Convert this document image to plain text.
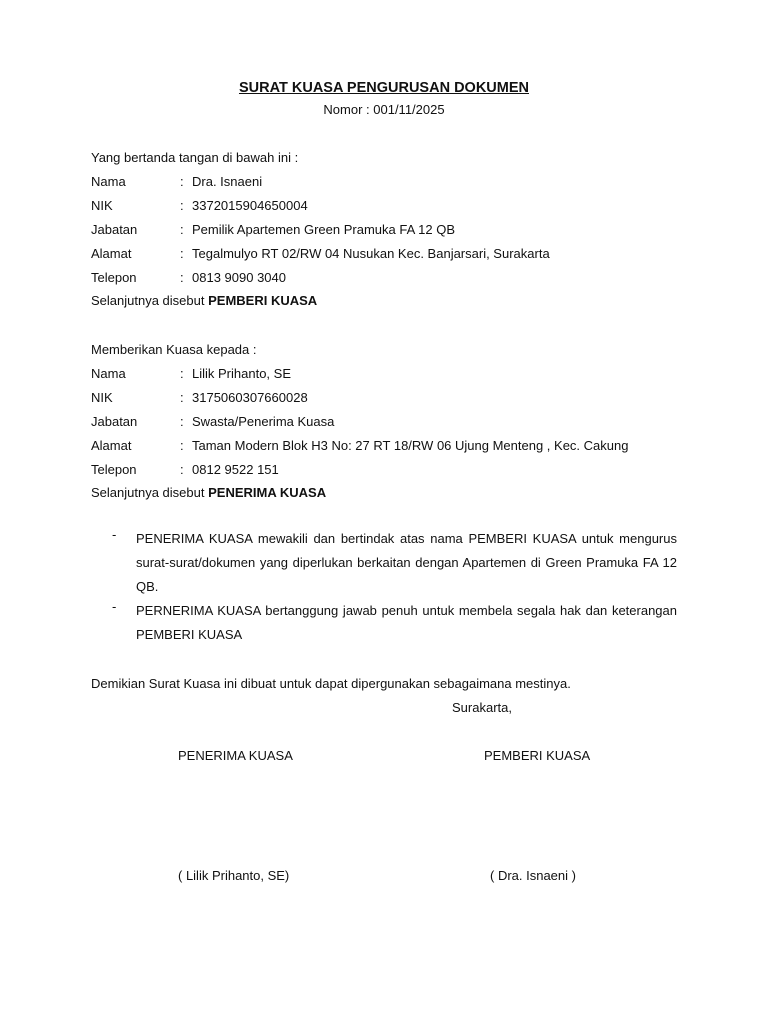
SURAT KUASA PENGURUSAN DOKUMEN
Nomor : 001/11/2025
Yang bertanda tangan di bawah ini :
Nama	: Dra. Isnaeni
NIK	: 3372015904650004
Jabatan	: Pemilik Apartemen Green Pramuka FA 12 QB
Alamat	: Tegalmulyo RT 02/RW 04 Nusukan Kec. Banjarsari, Surakarta
Telepon	: 0813 9090 3040
Selanjutnya disebut PEMBERI KUASA
Memberikan Kuasa kepada :
Nama	: Lilik Prihanto, SE
NIK	: 3175060307660028
Jabatan	: Swasta/Penerima Kuasa
Alamat	: Taman Modern Blok H3 No: 27 RT 18/RW 06 Ujung Menteng , Kec. Cakung
Telepon	: 0812 9522 151
Selanjutnya disebut PENERIMA KUASA
- PENERIMA KUASA mewakili dan bertindak atas nama PEMBERI KUASA untuk mengurus surat-surat/dokumen yang diperlukan berkaitan dengan Apartemen di Green Pramuka FA 12 QB.
- PERNERIMA KUASA bertanggung jawab penuh untuk membela segala hak dan keterangan PEMBERI KUASA
Demikian Surat Kuasa ini dibuat untuk dapat dipergunakan sebagaimana mestinya.
Surakarta,
PENERIMA KUASA	PEMBERI KUASA
( Lilik Prihanto, SE)	( Dra. Isnaeni )
